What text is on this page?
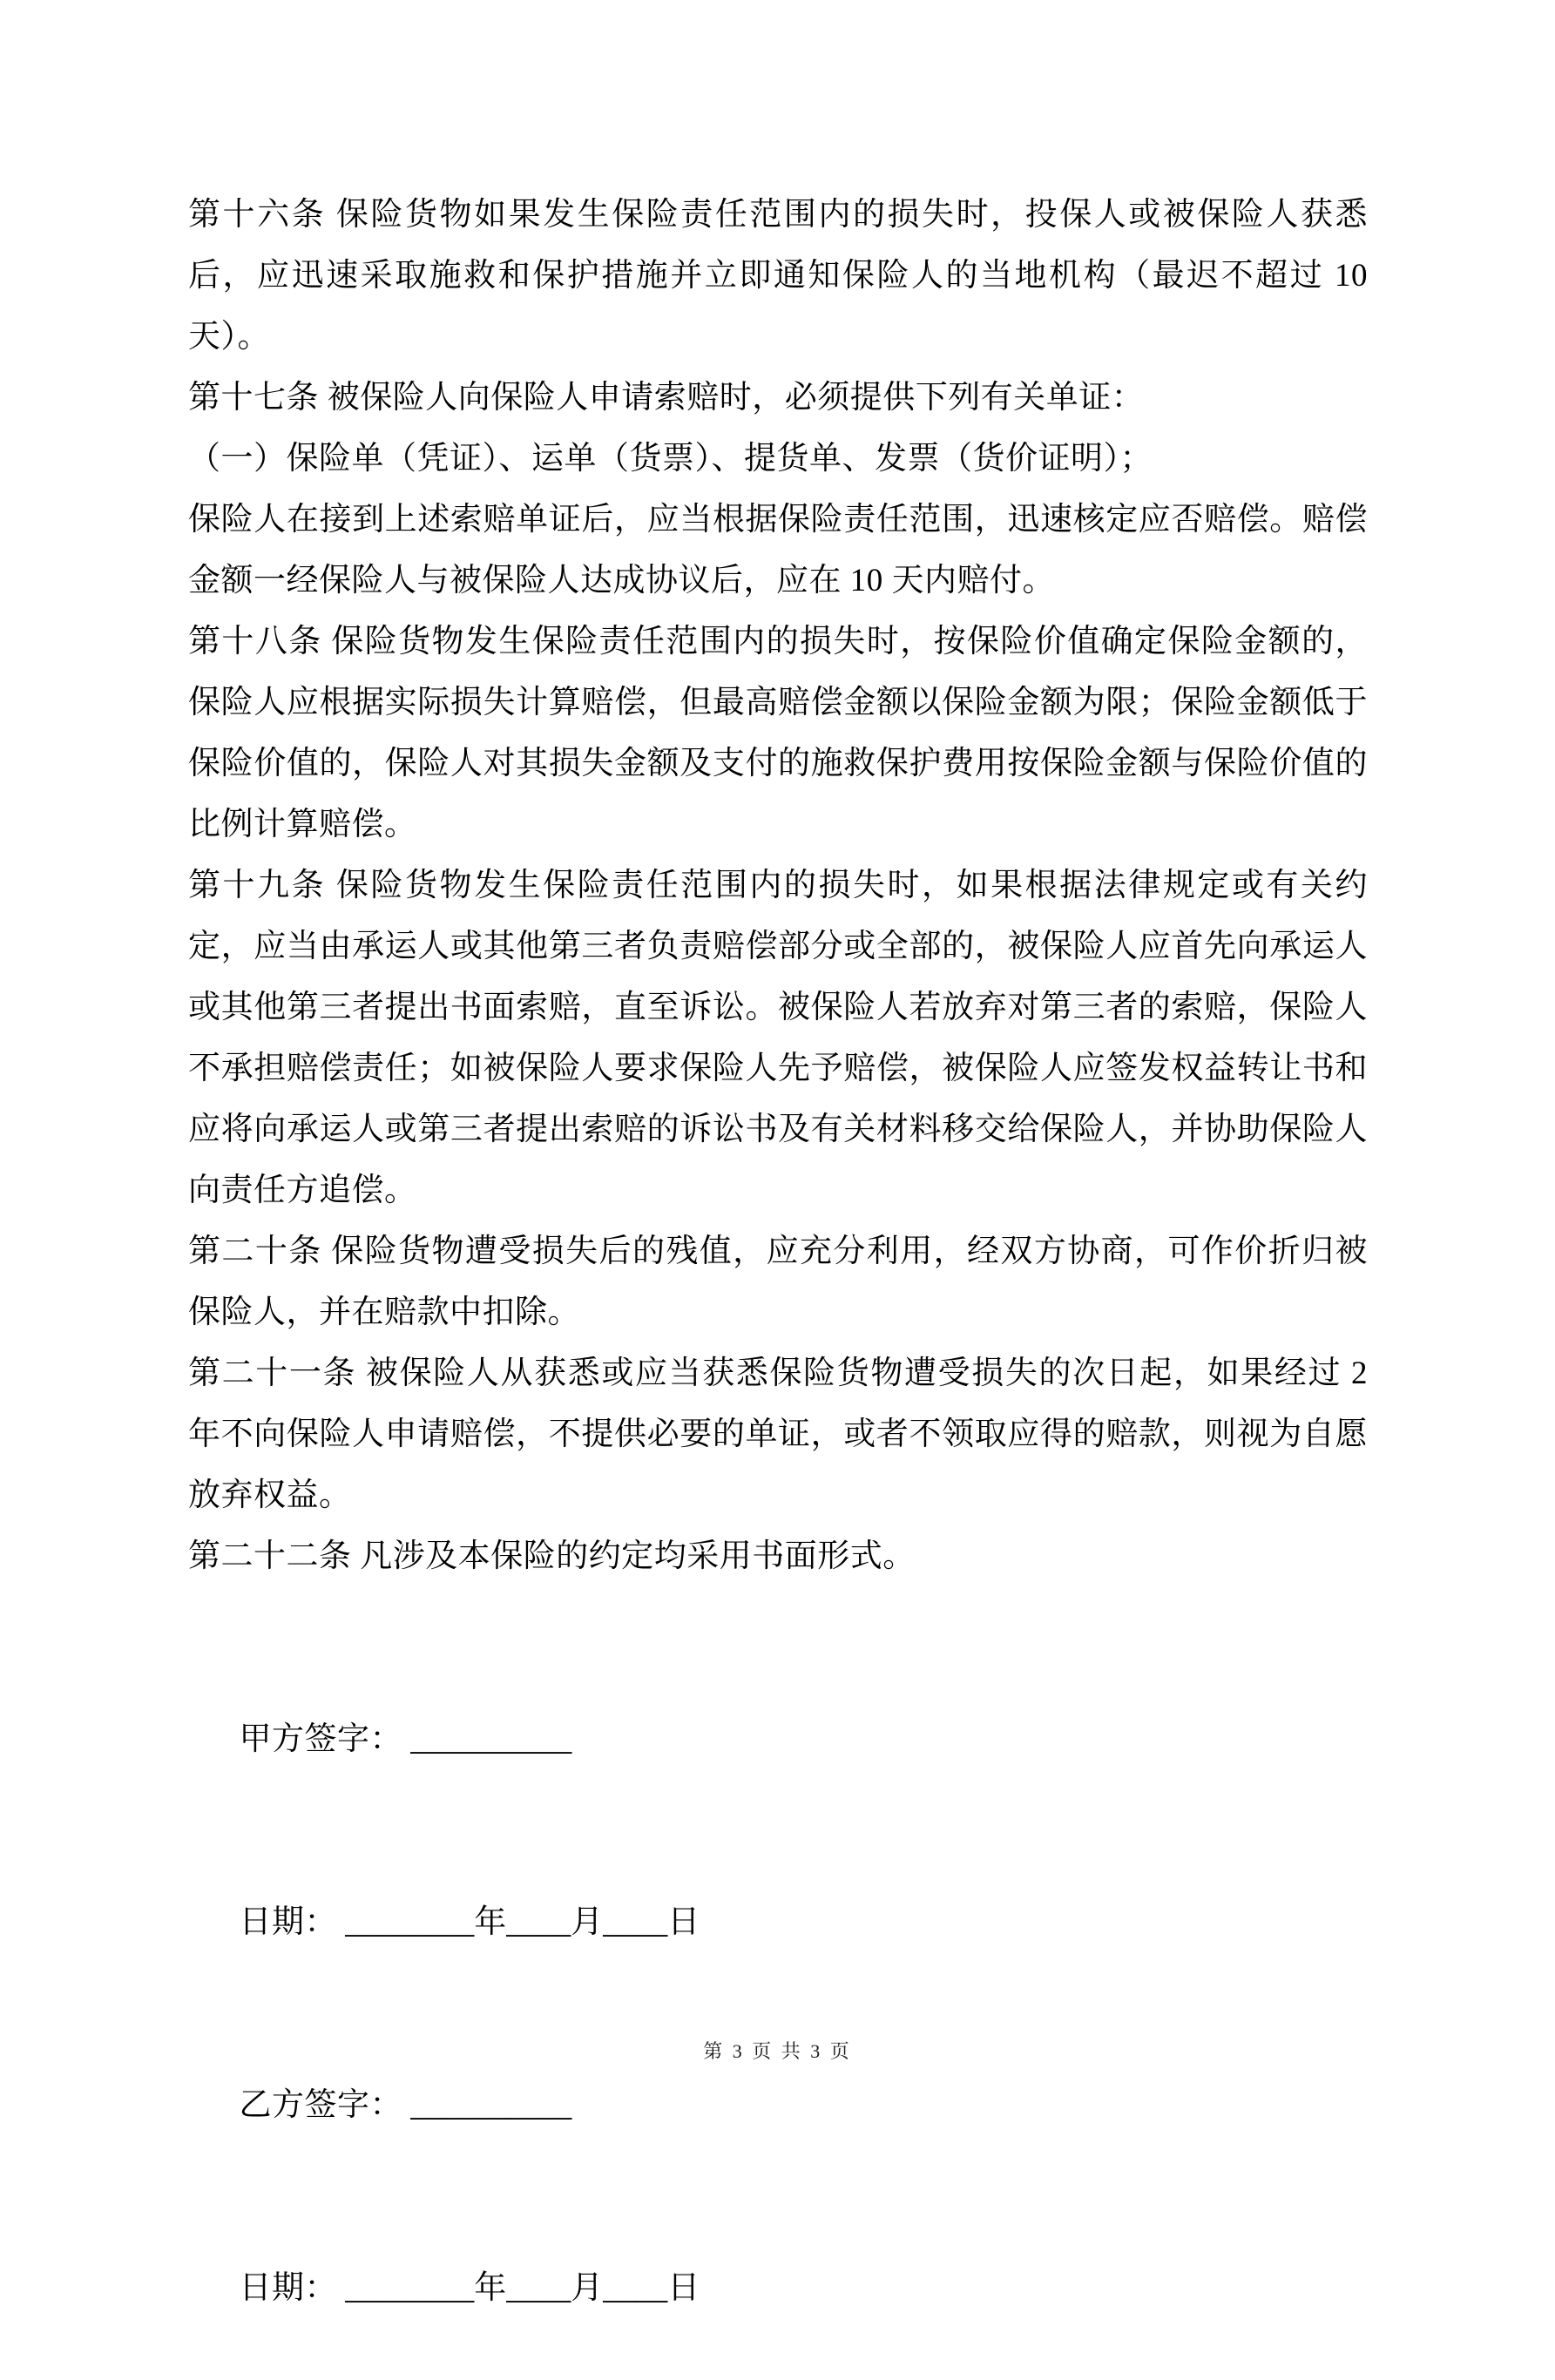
第十六条 保险货物如果发生保险责任范围内的损失时，投保人或被保险人获悉后，应迅速采取施救和保护措施并立即通知保险人的当地机构（最迟不超过 10 天）。

第十七条 被保险人向保险人申请索赔时，必须提供下列有关单证：

（一）保险单（凭证）、运单（货票）、提货单、发票（货价证明）；

保险人在接到上述索赔单证后，应当根据保险责任范围，迅速核定应否赔偿。赔偿金额一经保险人与被保险人达成协议后，应在 10 天内赔付。

第十八条 保险货物发生保险责任范围内的损失时，按保险价值确定保险金额的，保险人应根据实际损失计算赔偿，但最高赔偿金额以保险金额为限；保险金额低于保险价值的，保险人对其损失金额及支付的施救保护费用按保险金额与保险价值的比例计算赔偿。

第十九条 保险货物发生保险责任范围内的损失时，如果根据法律规定或有关约定，应当由承运人或其他第三者负责赔偿部分或全部的，被保险人应首先向承运人或其他第三者提出书面索赔，直至诉讼。被保险人若放弃对第三者的索赔，保险人不承担赔偿责任；如被保险人要求保险人先予赔偿，被保险人应签发权益转让书和应将向承运人或第三者提出索赔的诉讼书及有关材料移交给保险人，并协助保险人向责任方追偿。

第二十条 保险货物遭受损失后的残值，应充分利用，经双方协商，可作价折归被保险人，并在赔款中扣除。

第二十一条 被保险人从获悉或应当获悉保险货物遭受损失的次日起，如果经过 2 年不向保险人申请赔偿，不提供必要的单证，或者不领取应得的赔款，则视为自愿放弃权益。

第二十二条 凡涉及本保险的约定均采用书面形式。

甲方签字： __________

日期： ________年____月____日

乙方签字： __________

日期： ________年____月____日

第 3 页 共 3 页
